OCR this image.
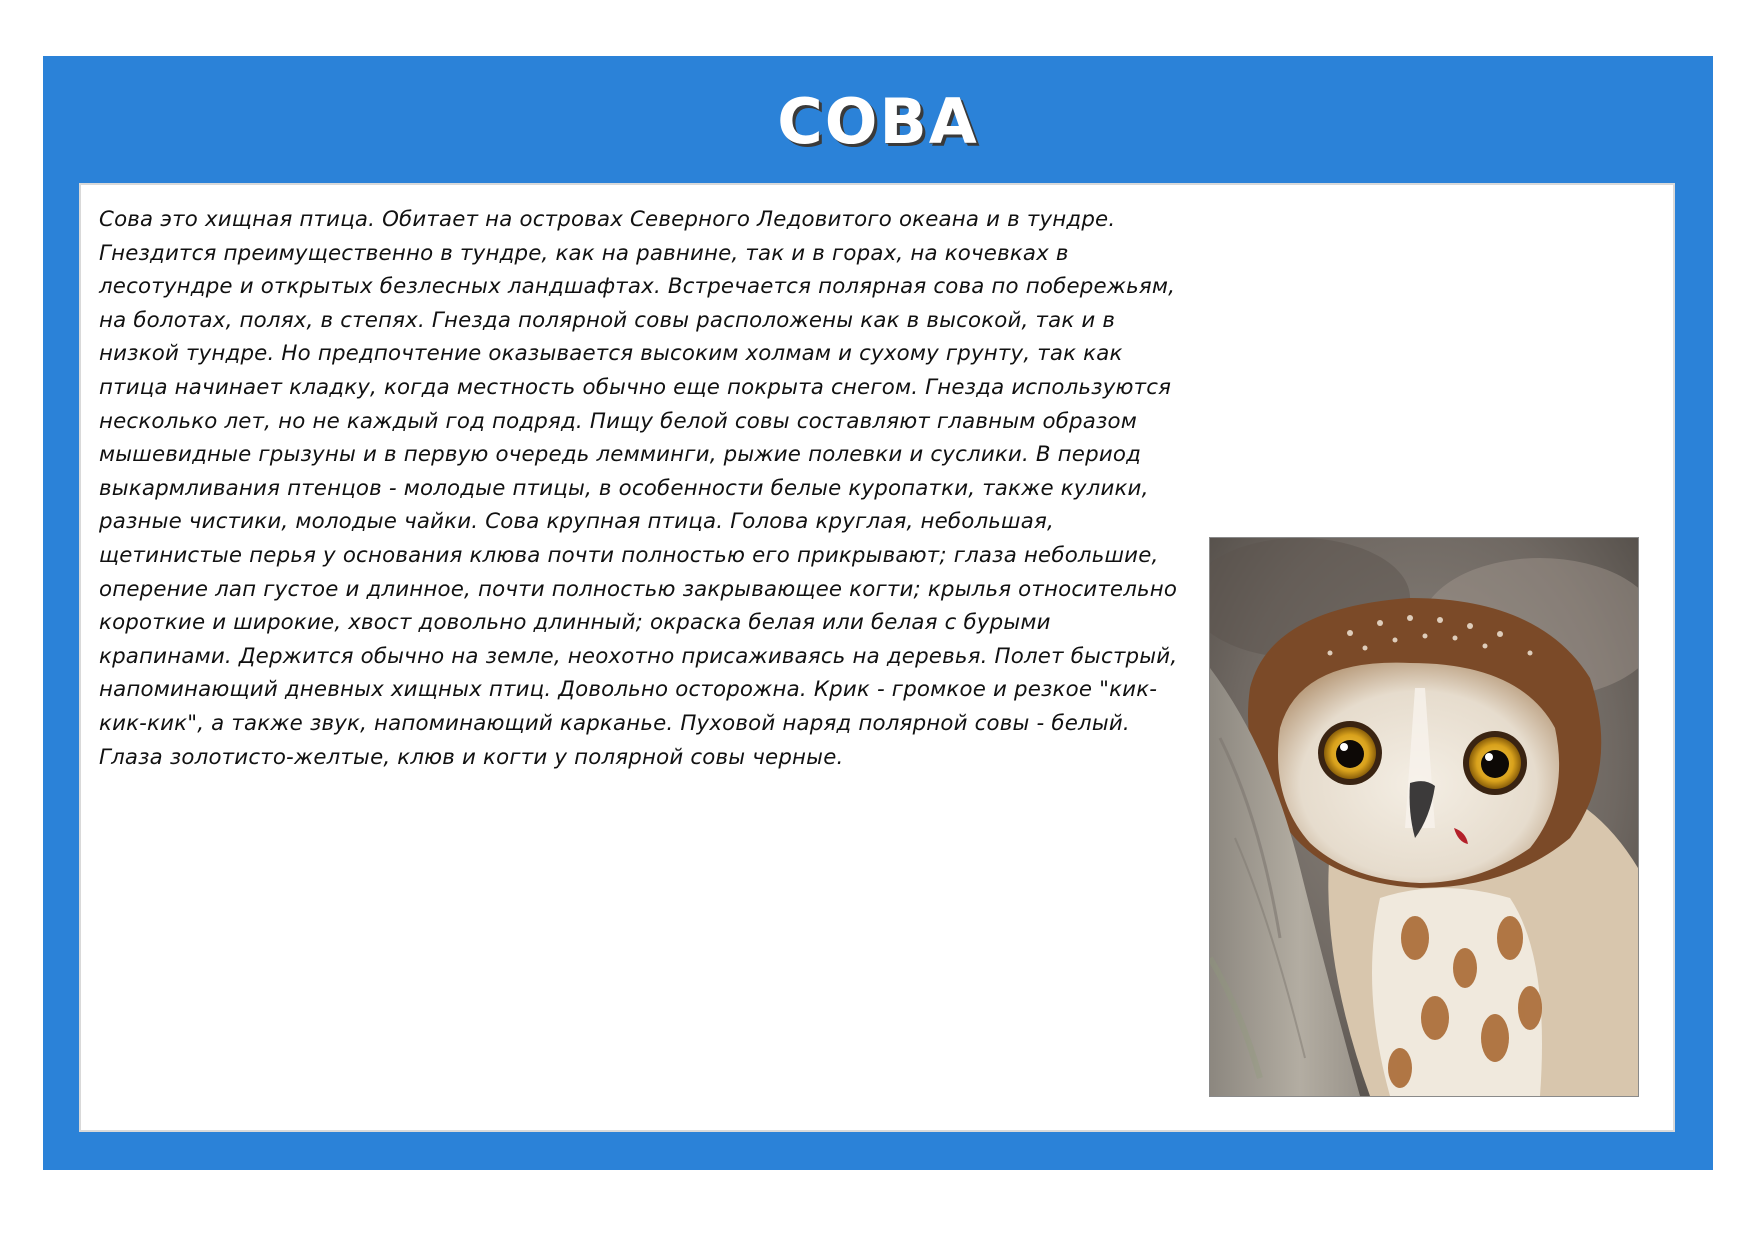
СОВА

Сова это хищная птица. Обитает на островах Северного Ледовитого океана и в тундре. Гнездится преимущественно в тундре, как на равнине, так и в горах, на кочевках в лесотундре и открытых безлесных ландшафтах. Встречается полярная сова по побережьям, на болотах, полях, в степях. Гнезда полярной совы расположены как в высокой, так и в низкой тундре. Но предпочтение оказывается высоким холмам и сухому грунту, так как птица начинает кладку, когда местность обычно еще покрыта снегом. Гнезда используются несколько лет, но не каждый год подряд. Пищу белой совы составляют главным образом мышевидные грызуны и в первую очередь лемминги, рыжие полевки и суслики. В период выкармливания птенцов - молодые птицы, в особенности белые куропатки, также кулики, разные чистики, молодые чайки. Сова крупная птица. Голова круглая, небольшая, щетинистые перья у основания клюва почти полностью его прикрывают; глаза небольшие, оперение лап густое и длинное, почти полностью закрывающее когти; крылья относительно короткие и широкие, хвост довольно длинный; окраска белая или белая с бурыми крапинами. Держится обычно на земле, неохотно присаживаясь на деревья. Полет быстрый, напоминающий дневных хищных птиц. Довольно осторожна. Крик - громкое и резкое "кик-кик-кик", а также звук, напоминающий карканье. Пуховой наряд полярной совы - белый. Глаза золотисто-желтые, клюв и когти у полярной совы черные.
